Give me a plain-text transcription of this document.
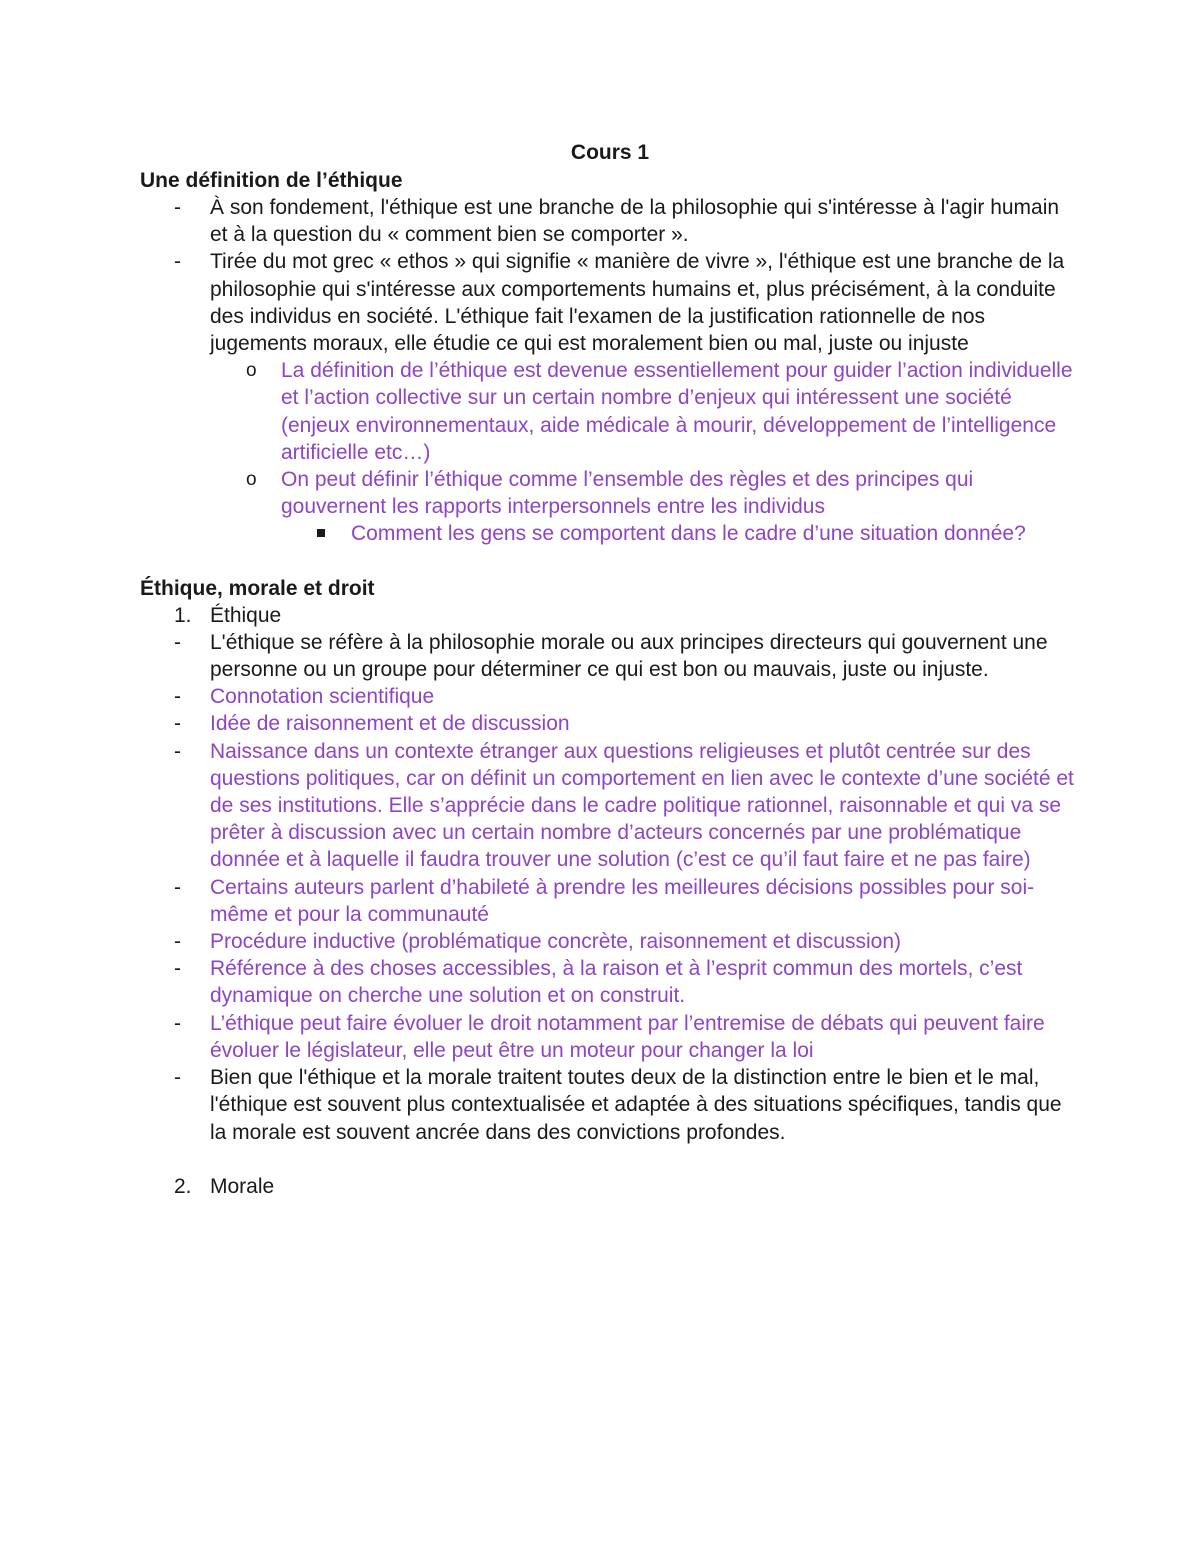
Cours 1

Une définition de l’éthique

- À son fondement, l'éthique est une branche de la philosophie qui s'intéresse à l'agir humain et à la question du « comment bien se comporter ».
- Tirée du mot grec « ethos » qui signifie « manière de vivre », l'éthique est une branche de la philosophie qui s'intéresse aux comportements humains et, plus précisément, à la conduite des individus en société. L'éthique fait l'examen de la justification rationnelle de nos jugements moraux, elle étudie ce qui est moralement bien ou mal, juste ou injuste
o La définition de l’éthique est devenue essentiellement pour guider l’action individuelle et l’action collective sur un certain nombre d’enjeux qui intéressent une société (enjeux environnementaux, aide médicale à mourir, développement de l’intelligence artificielle etc…)
o On peut définir l’éthique comme l’ensemble des règles et des principes qui gouvernent les rapports interpersonnels entre les individus
Comment les gens se comportent dans le cadre d’une situation donnée?

Éthique, morale et droit

1. Éthique
- L'éthique se réfère à la philosophie morale ou aux principes directeurs qui gouvernent une personne ou un groupe pour déterminer ce qui est bon ou mauvais, juste ou injuste.
- Connotation scientifique
- Idée de raisonnement et de discussion
- Naissance dans un contexte étranger aux questions religieuses et plutôt centrée sur des questions politiques, car on définit un comportement en lien avec le contexte d’une société et de ses institutions. Elle s’apprécie dans le cadre politique rationnel, raisonnable et qui va se prêter à discussion avec un certain nombre d’acteurs concernés par une problématique donnée et à laquelle il faudra trouver une solution (c’est ce qu’il faut faire et ne pas faire)
- Certains auteurs parlent d’habileté à prendre les meilleures décisions possibles pour soi-même et pour la communauté
- Procédure inductive (problématique concrète, raisonnement et discussion)
- Référence à des choses accessibles, à la raison et à l’esprit commun des mortels, c’est dynamique on cherche une solution et on construit.
- L’éthique peut faire évoluer le droit notamment par l’entremise de débats qui peuvent faire évoluer le législateur, elle peut être un moteur pour changer la loi
- Bien que l'éthique et la morale traitent toutes deux de la distinction entre le bien et le mal, l'éthique est souvent plus contextualisée et adaptée à des situations spécifiques, tandis que la morale est souvent ancrée dans des convictions profondes.
2. Morale
